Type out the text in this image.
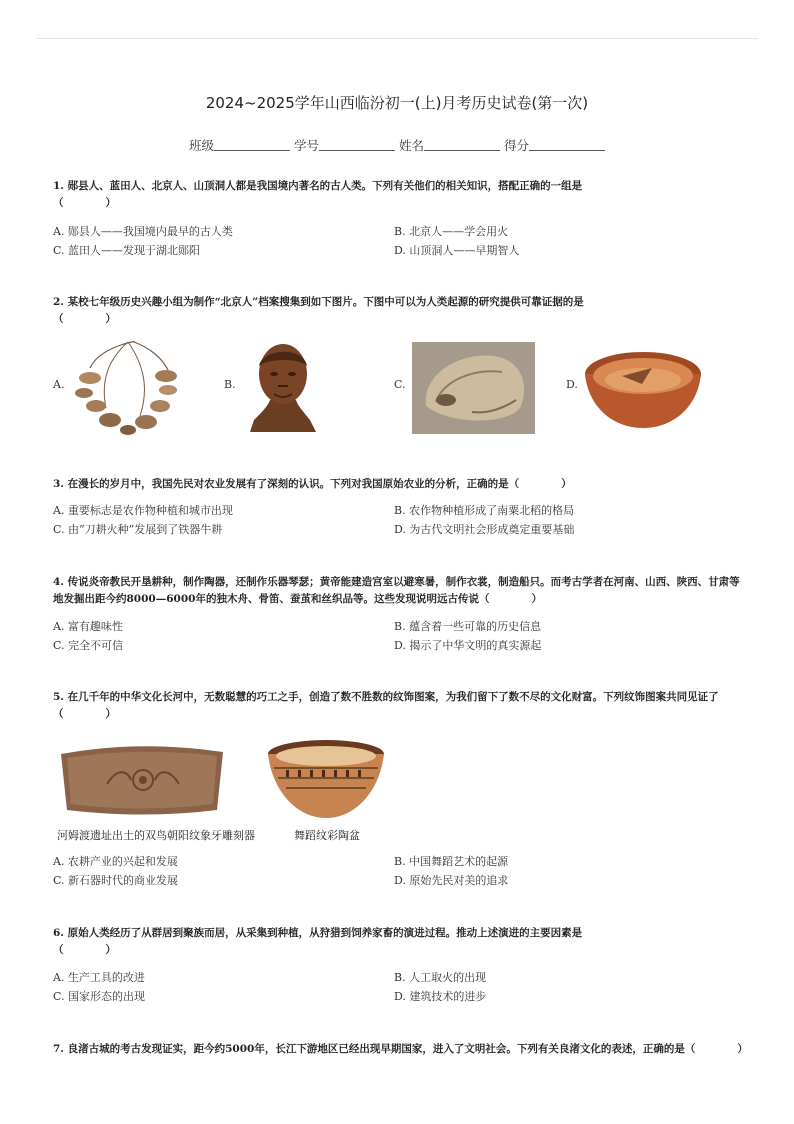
2024~2025学年山西临汾初一(上)月考历史试卷(第一次)
班级	学号	姓名	得分
1. 郧县人、蓝田人、北京人、山顶洞人都是我国境内著名的古人类。下列有关他们的相关知识，搭配正确的一组是
（　　　　）
A. 郧县人——我国境内最早的古人类	B. 北京人——学会用火
C. 蓝田人——发现于湖北郧阳	D. 山顶洞人——早期智人
2. 某校七年级历史兴趣小组为制作“北京人”档案搜集到如下图片。下图中可以为人类起源的研究提供可靠证据的是
（　　　　）
A.	B.	C.	D.
3. 在漫长的岁月中，我国先民对农业发展有了深刻的认识。下列对我国原始农业的分析，正确的是（　　　　）
A. 重要标志是农作物种植和城市出现	B. 农作物种植形成了南粟北稻的格局
C. 由“刀耕火种”发展到了铁器牛耕	D. 为古代文明社会形成奠定重要基础
4. 传说炎帝教民开垦耕种，制作陶器，还制作乐器琴瑟；黄帝能建造宫室以避寒暑，制作衣裳，制造船只。而考古学者在河南、山西、陕西、甘肃等地发掘出距今约8000—6000年的独木舟、骨笛、蚕茧和丝织品等。这些发现说明远古传说（　　　　）
A. 富有趣味性	B. 蕴含着一些可靠的历史信息
C. 完全不可信	D. 揭示了中华文明的真实源起
5. 在几千年的中华文化长河中，无数聪慧的巧工之手，创造了数不胜数的纹饰图案，为我们留下了数不尽的文化财富。下列纹饰图案共同见证了（　　　　）
河姆渡遗址出土的双鸟朝阳纹象牙雕刻器	舞蹈纹彩陶盆
A. 农耕产业的兴起和发展	B. 中国舞蹈艺术的起源
C. 新石器时代的商业发展	D. 原始先民对美的追求
6. 原始人类经历了从群居到聚族而居，从采集到种植，从狩猎到饲养家畜的演进过程。推动上述演进的主要因素是
（　　　　）
A. 生产工具的改进	B. 人工取火的出现
C. 国家形态的出现	D. 建筑技术的进步
7. 良渚古城的考古发现证实，距今约5000年，长江下游地区已经出现早期国家，进入了文明社会。下列有关良渚文化的表述，正确的是（　　　　）
